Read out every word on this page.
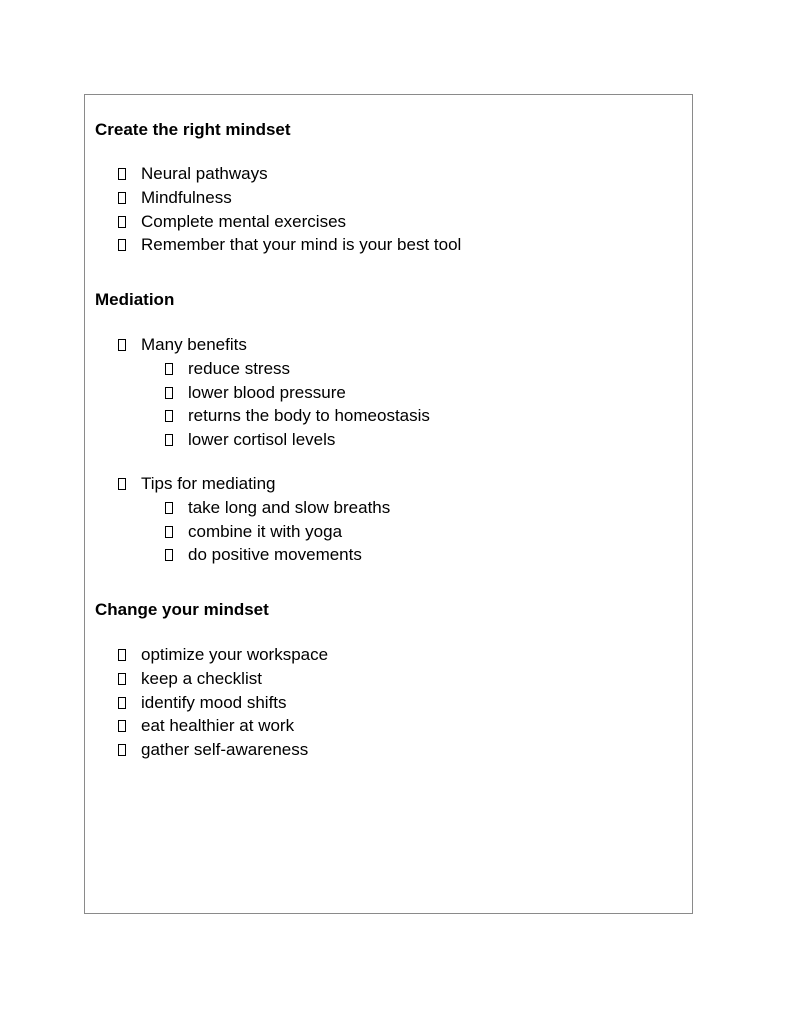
Create the right mindset
Neural pathways
Mindfulness
Complete mental exercises
Remember that your mind is your best tool
Mediation
Many benefits
reduce stress
lower blood pressure
returns the body to homeostasis
lower cortisol levels
Tips for mediating
take long and slow breaths
combine it with yoga
do positive movements
Change your mindset
optimize your workspace
keep a checklist
identify mood shifts
eat healthier at work
gather self-awareness
